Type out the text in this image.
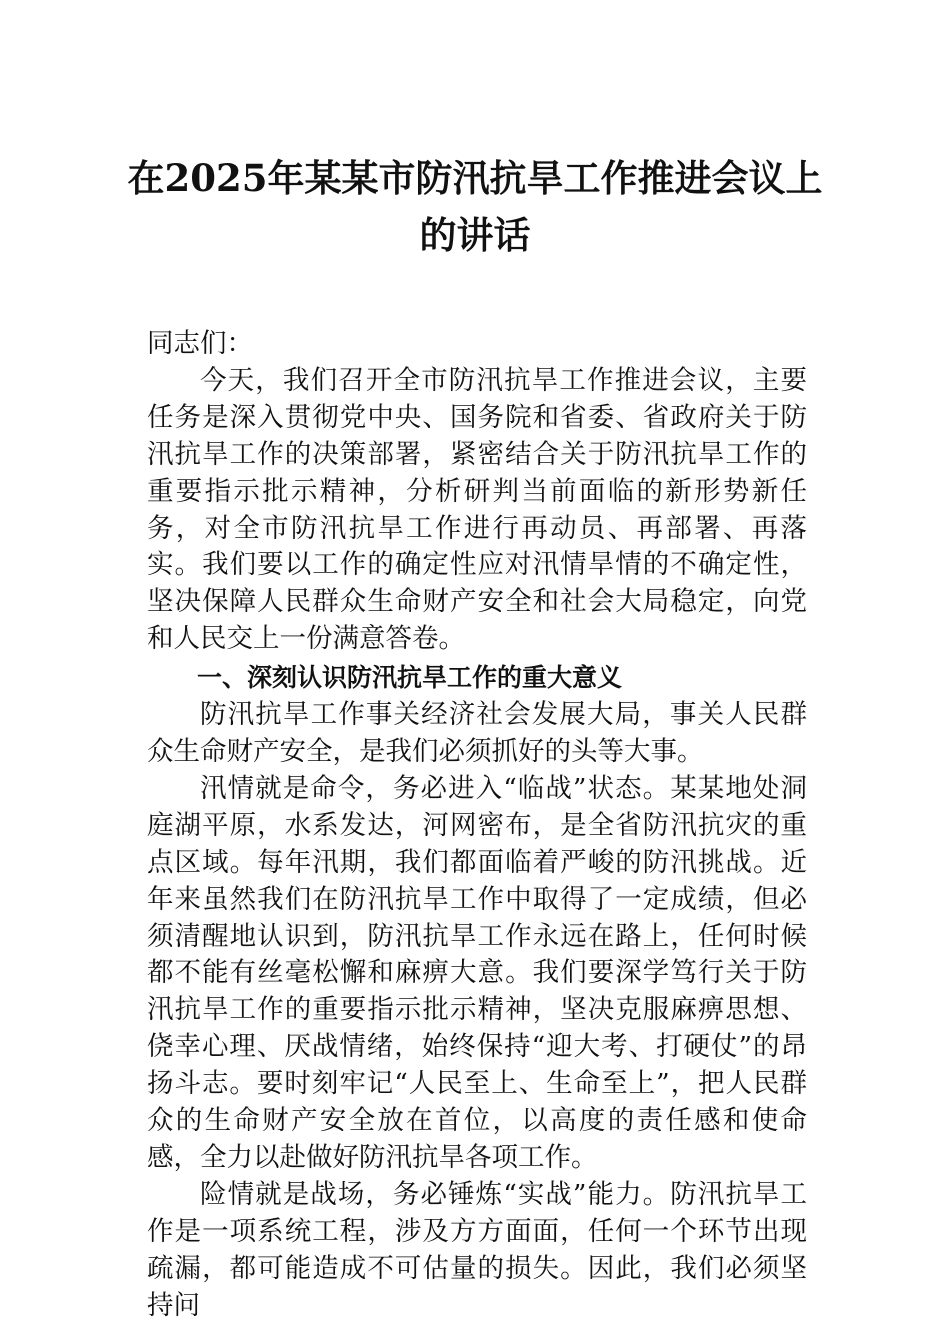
在2025年某某市防汛抗旱工作推进会议上
的讲话

同志们：

今天，我们召开全市防汛抗旱工作推进会议，主要任务是深入贯彻党中央、国务院和省委、省政府关于防汛抗旱工作的决策部署，紧密结合关于防汛抗旱工作的重要指示批示精神，分析研判当前面临的新形势新任务，对全市防汛抗旱工作进行再动员、再部署、再落实。我们要以工作的确定性应对汛情旱情的不确定性，坚决保障人民群众生命财产安全和社会大局稳定，向党和人民交上一份满意答卷。

一、深刻认识防汛抗旱工作的重大意义

防汛抗旱工作事关经济社会发展大局，事关人民群众生命财产安全，是我们必须抓好的头等大事。

汛情就是命令，务必进入“临战”状态。某某地处洞庭湖平原，水系发达，河网密布，是全省防汛抗灾的重点区域。每年汛期，我们都面临着严峻的防汛挑战。近年来虽然我们在防汛抗旱工作中取得了一定成绩，但必须清醒地认识到，防汛抗旱工作永远在路上，任何时候都不能有丝毫松懈和麻痹大意。我们要深学笃行关于防汛抗旱工作的重要指示批示精神，坚决克服麻痹思想、侥幸心理、厌战情绪，始终保持“迎大考、打硬仗”的昂扬斗志。要时刻牢记“人民至上、生命至上”，把人民群众的生命财产安全放在首位，以高度的责任感和使命感，全力以赴做好防汛抗旱各项工作。

险情就是战场，务必锤炼“实战”能力。防汛抗旱工作是一项系统工程，涉及方方面面，任何一个环节出现疏漏，都可能造成不可估量的损失。因此，我们必须坚持问
